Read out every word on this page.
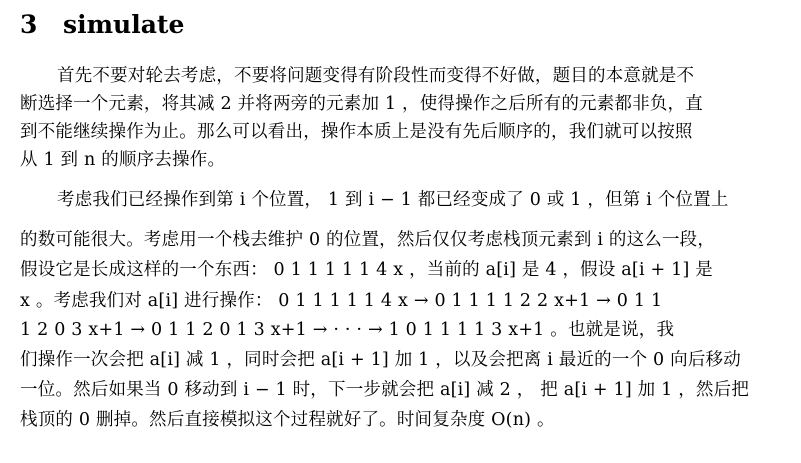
3 simulate
首先不要对轮去考虑，不要将问题变得有阶段性而变得不好做，题目的本意就是不
断选择一个元素，将其减 2 并将两旁的元素加 1 ，使得操作之后所有的元素都非负，直
到不能继续操作为止。那么可以看出，操作本质上是没有先后顺序的，我们就可以按照
从 1 到 n 的顺序去操作。
考虑我们已经操作到第 i 个位置， 1 到 i − 1 都已经变成了 0 或 1 ，但第 i 个位置上
的数可能很大。考虑用一个栈去维护 0 的位置，然后仅仅考虑栈顶元素到 i 的这么一段，
假设它是长成这样的一个东西： 0 1 1 1 1 1 4 x ，当前的 a[i] 是 4 ，假设 a[i + 1] 是
x 。考虑我们对 a[i] 进行操作： 0 1 1 1 1 1 4 x → 0 1 1 1 1 2 2 x+1 → 0 1 1
1 2 0 3 x+1 → 0 1 1 2 0 1 3 x+1 → · · · → 1 0 1 1 1 1 3 x+1 。也就是说，我
们操作一次会把 a[i] 减 1 ，同时会把 a[i + 1] 加 1 ，以及会把离 i 最近的一个 0 向后移动
一位。然后如果当 0 移动到 i − 1 时，下一步就会把 a[i] 减 2 ， 把 a[i + 1] 加 1 ，然后把
栈顶的 0 删掉。然后直接模拟这个过程就好了。时间复杂度 O(n) 。
